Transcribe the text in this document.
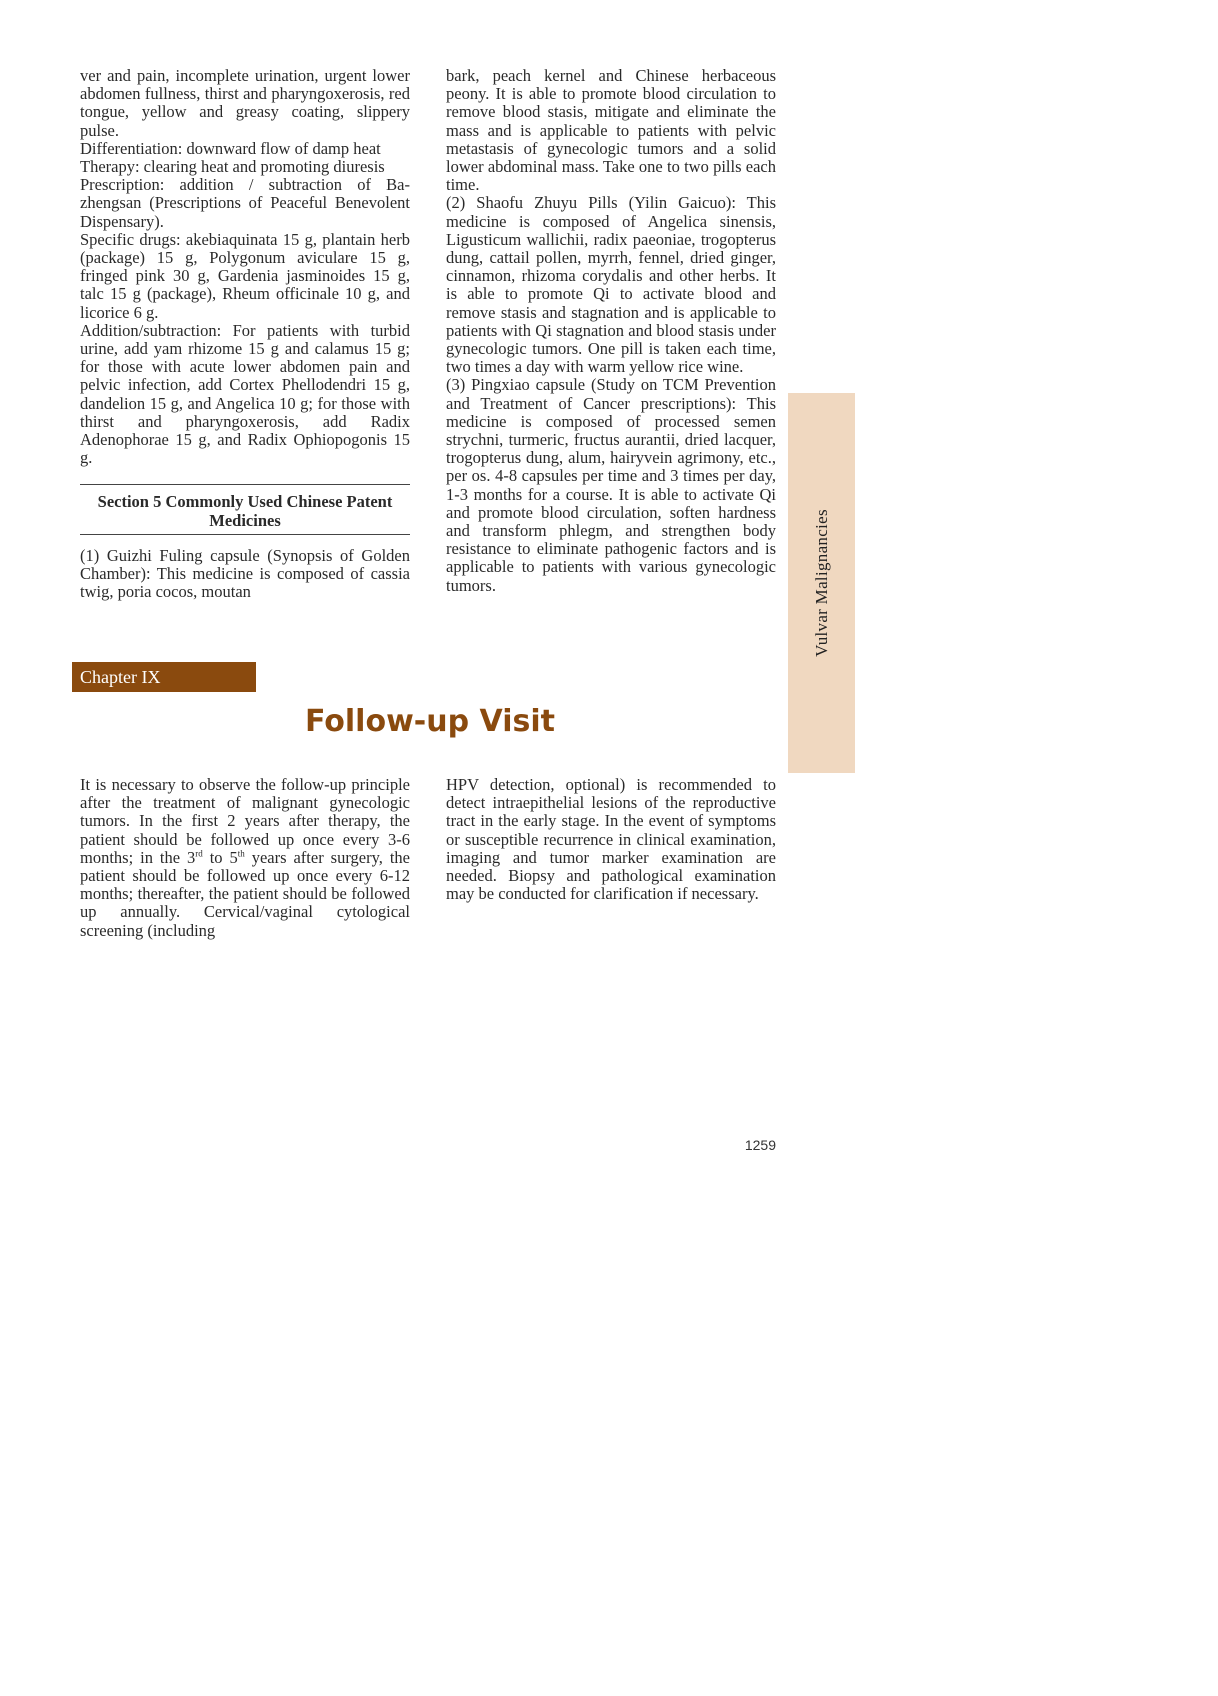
ver and pain, incomplete urination, urgent lower abdomen fullness, thirst and pharyngoxerosis, red tongue, yellow and greasy coating, slippery pulse.

Differentiation: downward flow of damp heat

Therapy: clearing heat and promoting diuresis

Prescription: addition / subtraction of Bazhengsan (Prescriptions of Peaceful Benevolent Dispensary).

Specific drugs: akebiaquinata 15 g, plantain herb (package) 15 g, Polygonum aviculare 15 g, fringed pink 30 g, Gardenia jasminoides 15 g, talc 15 g (package), Rheum officinale 10 g, and licorice 6 g.

Addition/subtraction: For patients with turbid urine, add yam rhizome 15 g and calamus 15 g; for those with acute lower abdomen pain and pelvic infection, add Cortex Phellodendri 15 g, dandelion 15 g, and Angelica 10 g; for those with thirst and pharyngoxerosis, add Radix Adenophorae 15 g, and Radix Ophiopogonis 15 g.

Section 5 Commonly Used Chinese Patent Medicines

(1) Guizhi Fuling capsule (Synopsis of Golden Chamber): This medicine is composed of cassia twig, poria cocos, moutan

bark, peach kernel and Chinese herbaceous peony. It is able to promote blood circulation to remove blood stasis, mitigate and eliminate the mass and is applicable to patients with pelvic metastasis of gynecologic tumors and a solid lower abdominal mass. Take one to two pills each time.

(2) Shaofu Zhuyu Pills (Yilin Gaicuo): This medicine is composed of Angelica sinensis, Ligusticum wallichii, radix paeoniae, trogopterus dung, cattail pollen, myrrh, fennel, dried ginger, cinnamon, rhizoma corydalis and other herbs. It is able to promote Qi to activate blood and remove stasis and stagnation and is applicable to patients with Qi stagnation and blood stasis under gynecologic tumors. One pill is taken each time, two times a day with warm yellow rice wine.

(3) Pingxiao capsule (Study on TCM Prevention and Treatment of Cancer prescriptions): This medicine is composed of processed semen strychni, turmeric, fructus aurantii, dried lacquer, trogopterus dung, alum, hairyvein agrimony, etc., per os. 4-8 capsules per time and 3 times per day, 1-3 months for a course. It is able to activate Qi and promote blood circulation, soften hardness and transform phlegm, and strengthen body resistance to eliminate pathogenic factors and is applicable to patients with various gynecologic tumors.	Vulvar Malignancies
Chapter IX
Follow-up Visit

It is necessary to observe the follow-up principle after the treatment of malignant gynecologic tumors. In the first 2 years after therapy, the patient should be followed up once every 3-6 months; in the 3rd to 5th years after surgery, the patient should be followed up once every 6-12 months; thereafter, the patient should be followed up annually. Cervical/vaginal cytological screening (including

HPV detection, optional) is recommended to detect intraepithelial lesions of the reproductive tract in the early stage. In the event of symptoms or susceptible recurrence in clinical examination, imaging and tumor marker examination are needed. Biopsy and pathological examination may be conducted for clarification if necessary.

1259
